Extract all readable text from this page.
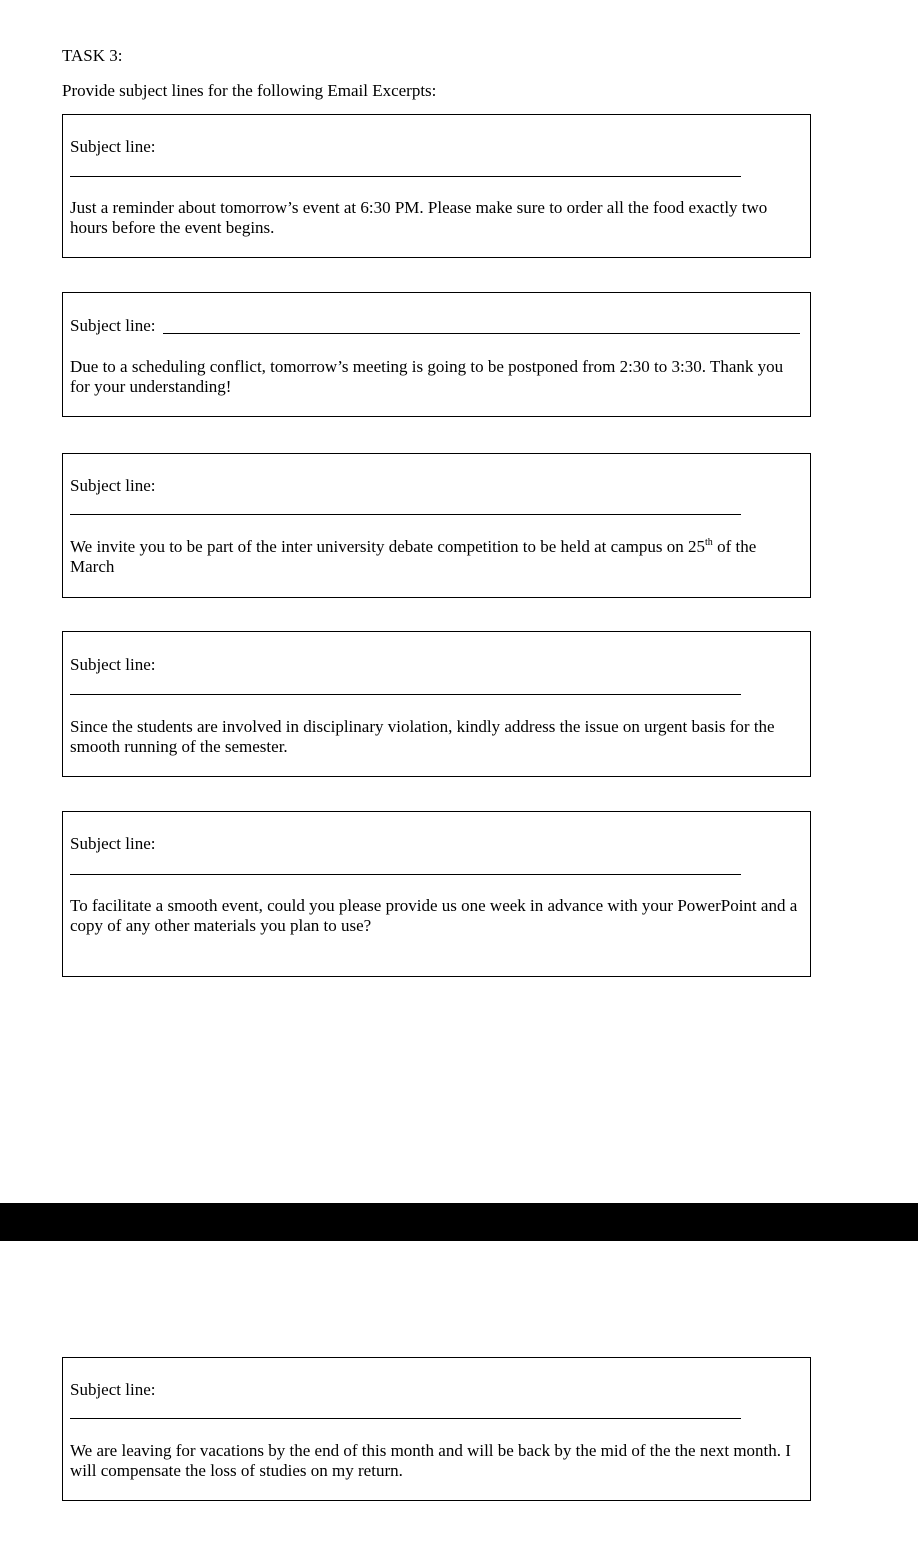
TASK 3:
Provide subject lines for the following Email Excerpts:
Subject line:
Just a reminder about tomorrow’s event at 6:30 PM. Please make sure to order all the food exactly two hours before the event begins.
Subject line:
Due to a scheduling conflict, tomorrow’s meeting is going to be postponed from 2:30 to 3:30. Thank you for your understanding!
Subject line:
We invite you to be part of the inter university debate competition to be held at campus on 25th of the March
Subject line:
Since the students are involved in disciplinary violation, kindly address the issue on urgent basis for the smooth running of the semester.
Subject line:
To facilitate a smooth event, could you please provide us one week in advance with your PowerPoint and a copy of any other materials you plan to use?
Subject line:
We are leaving for vacations by the end of this month and will be back by the mid of the the next month. I will compensate the loss of studies on my return.
